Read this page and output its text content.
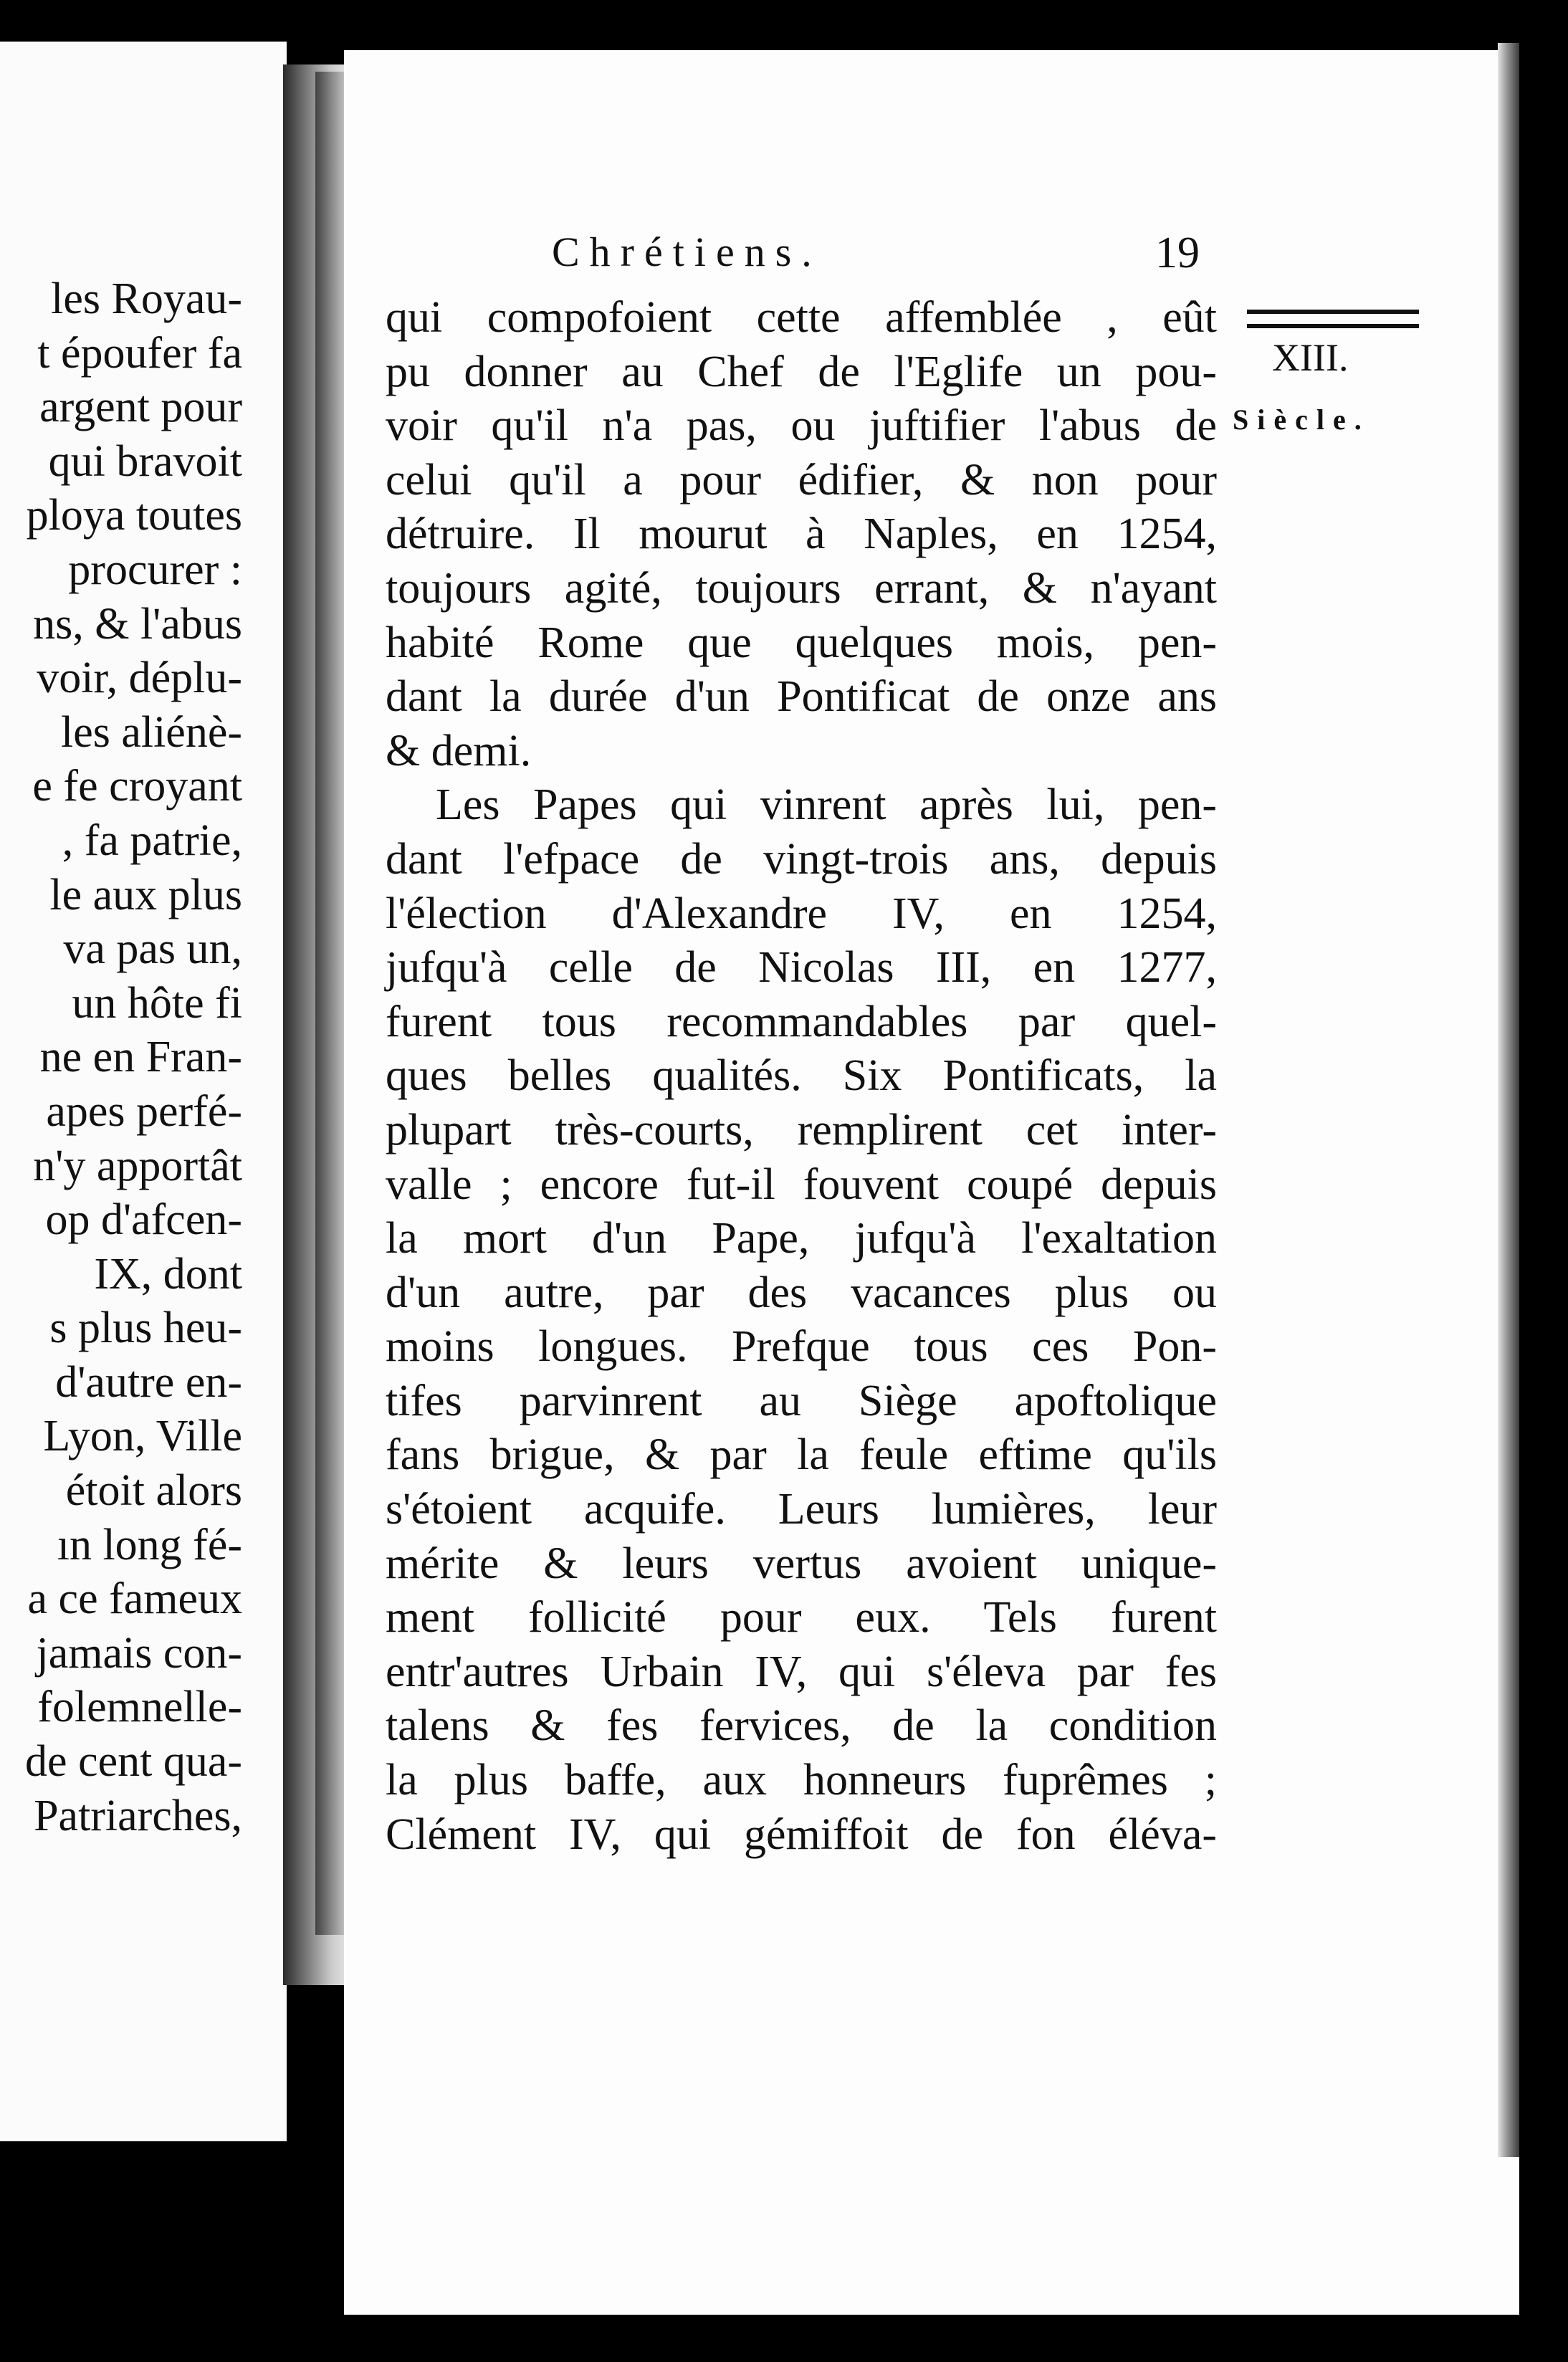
les Royau-
t époufer fa
argent pour
qui bravoit
ploya toutes
procurer :
ns, & l'abus
voir, déplu-
les aliénè-
e fe croyant
, fa patrie,
le aux plus
va pas un,
un hôte fi
ne en Fran-
apes perfé-
n'y apportât
op d'afcen-
IX, dont
s plus heu-
d'autre en-
Lyon, Ville
étoit alors
ın long fé-
a ce fameux
jamais con-
folemnelle-
de cent qua-
Patriarches,
Chrétiens.	19
XIII.
Siècle.
qui compofoient cette affemblée , eût
pu donner au Chef de l'Eglife un pou-
voir qu'il n'a pas, ou juftifier l'abus de
celui qu'il a pour édifier, & non pour
détruire. Il mourut à Naples, en 1254,
toujours agité, toujours errant, & n'ayant
habité Rome que quelques mois, pen-
dant la durée d'un Pontificat de onze ans
& demi.
Les Papes qui vinrent après lui, pen-
dant l'efpace de vingt-trois ans, depuis
l'élection d'Alexandre IV, en 1254,
jufqu'à celle de Nicolas III, en 1277,
furent tous recommandables par quel-
ques belles qualités. Six Pontificats, la
plupart très-courts, remplirent cet inter-
valle ; encore fut-il fouvent coupé depuis
la mort d'un Pape, jufqu'à l'exaltation
d'un autre, par des vacances plus ou
moins longues. Prefque tous ces Pon-
tifes parvinrent au Siège apoftolique
fans brigue, & par la feule eftime qu'ils
s'étoient acquife. Leurs lumières, leur
mérite & leurs vertus avoient unique-
ment follicité pour eux. Tels furent
entr'autres Urbain IV, qui s'éleva par fes
talens & fes fervices, de la condition
la plus baffe, aux honneurs fuprêmes ;
Clément IV, qui gémiffoit de fon éléva-
